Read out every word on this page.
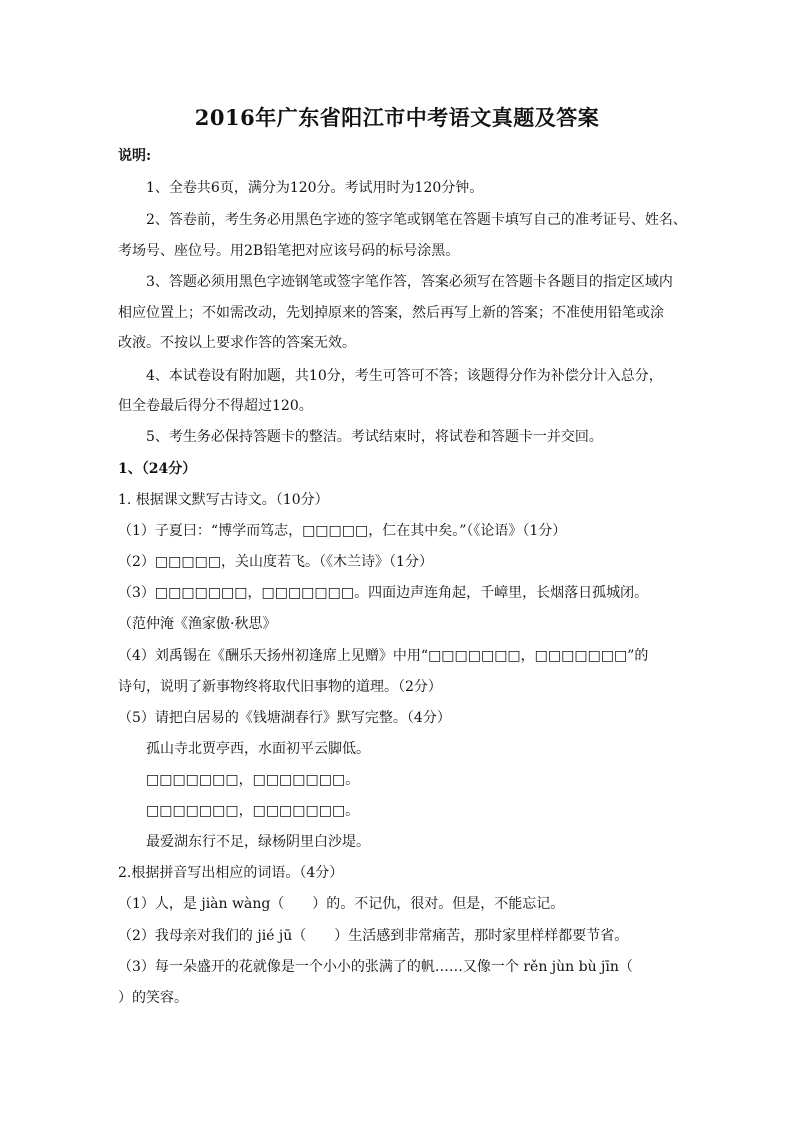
2016年广东省阳江市中考语文真题及答案
说明:
1、全卷共6页，满分为120分。考试用时为120分钟。
2、答卷前，考生务必用黑色字迹的签字笔或钢笔在答题卡填写自己的准考证号、姓名、
考场号、座位号。用2B铅笔把对应该号码的标号涂黑。
3、答题必须用黑色字迹钢笔或签字笔作答，答案必须写在答题卡各题目的指定区域内
相应位置上；不如需改动，先划掉原来的答案，然后再写上新的答案；不准使用铅笔或涂
改液。不按以上要求作答的答案无效。
4、本试卷设有附加题，共10分，考生可答可不答；该题得分作为补偿分计入总分，
但全卷最后得分不得超过120。
5、考生务必保持答题卡的整洁。考试结束时，将试卷和答题卡一并交回。
1、（24分）
1. 根据课文默写古诗文。（10分）
（1）子夏曰：“博学而笃志，□□□□□，仁在其中矣。”（《论语》（1分）
（2）□□□□□，关山度若飞。（《木兰诗》（1分）
（3）□□□□□□□，□□□□□□□。四面边声连角起，千嶂里，长烟落日孤城闭。
（范仲淹《渔家傲·秋思》
（4）刘禹锡在《酬乐天扬州初逢席上见赠》中用“□□□□□□□，□□□□□□□”的
诗句，说明了新事物终将取代旧事物的道理。（2分）
（5）请把白居易的《钱塘湖春行》默写完整。（4分）
孤山寺北贾亭西，水面初平云脚低。
□□□□□□□，□□□□□□□。
□□□□□□□，□□□□□□□。
最爱湖东行不足，绿杨阴里白沙堤。
2.根据拼音写出相应的词语。（4分）
（1）人，是 jiàn wàng（　　）的。不记仇，很对。但是，不能忘记。
（2）我母亲对我们的 jié jū（　　）生活感到非常痛苦，那时家里样样都要节省。
（3）每一朵盛开的花就像是一个小小的张满了的帆……又像一个 rěn jùn bù jīn（
）的笑容。
